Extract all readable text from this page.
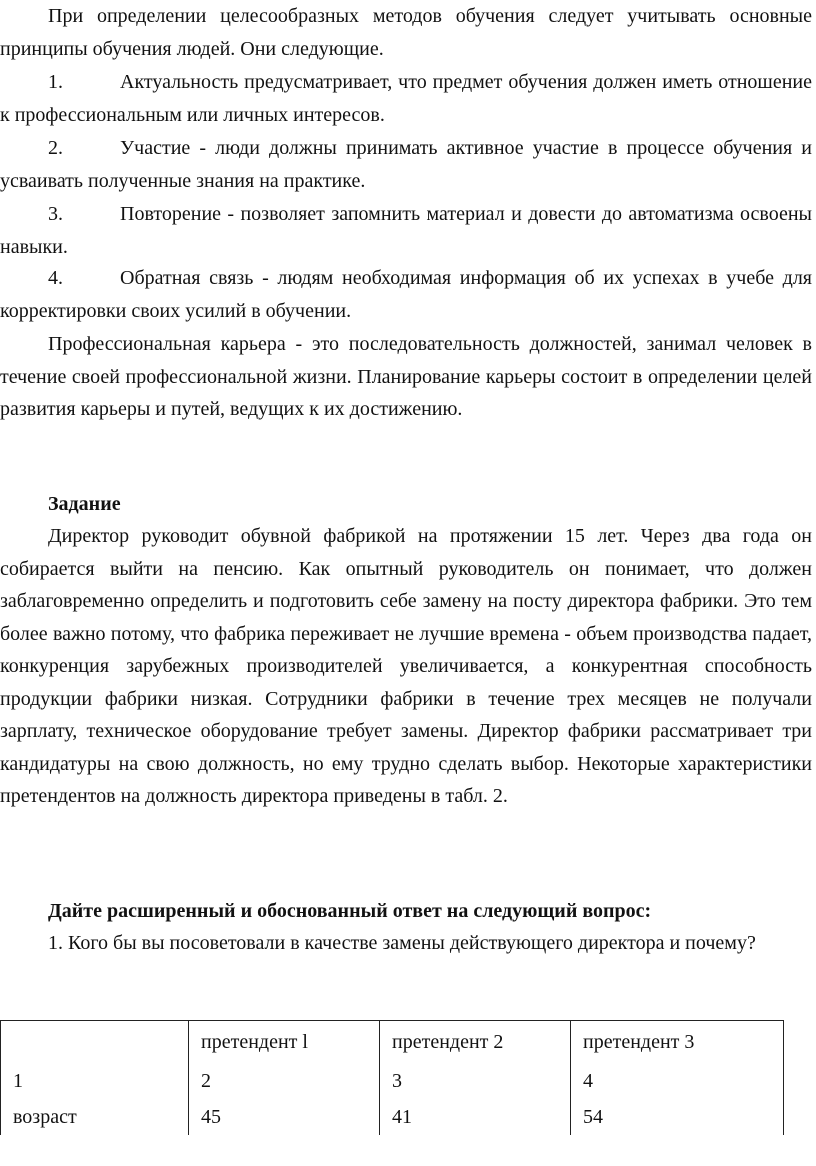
При определении целесообразных методов обучения следует учитывать основные принципы обучения людей. Они следующие.

1.	Актуальность предусматривает, что предмет обучения должен иметь отношение к профессиональным или личных интересов.

2.	Участие - люди должны принимать активное участие в процессе обучения и усваивать полученные знания на практике.

3.	Повторение - позволяет запомнить материал и довести до автоматизма освоены навыки.

4.	Обратная связь - людям необходимая информация об их успехах в учебе для корректировки своих усилий в обучении.

Профессиональная карьера - это последовательность должностей, занимал человек в течение своей профессиональной жизни. Планирование карьеры состоит в определении целей развития карьеры и путей, ведущих к их достижению.

Задание

Директор руководит обувной фабрикой на протяжении 15 лет. Через два года он собирается выйти на пенсию. Как опытный руководитель он понимает, что должен заблаговременно определить и подготовить себе замену на посту директора фабрики. Это тем более важно потому, что фабрика переживает не лучшие времена - объем производства падает, конкуренция зарубежных производителей увеличивается, а конкурентная способность продукции фабрики низкая. Сотрудники фабрики в течение трех месяцев не получали зарплату, техническое оборудование требует замены. Директор фабрики рассматривает три кандидатуры на свою должность, но ему трудно сделать выбор. Некоторые характеристики претендентов на должность директора приведены в табл. 2.

Дайте расширенный и обоснованный ответ на следующий вопрос:

1. Кого бы вы посоветовали в качестве замены действующего директора и почему?

	претендент l	претендент 2	претендент 3
1	2	3	4
возраст	45	41	54
